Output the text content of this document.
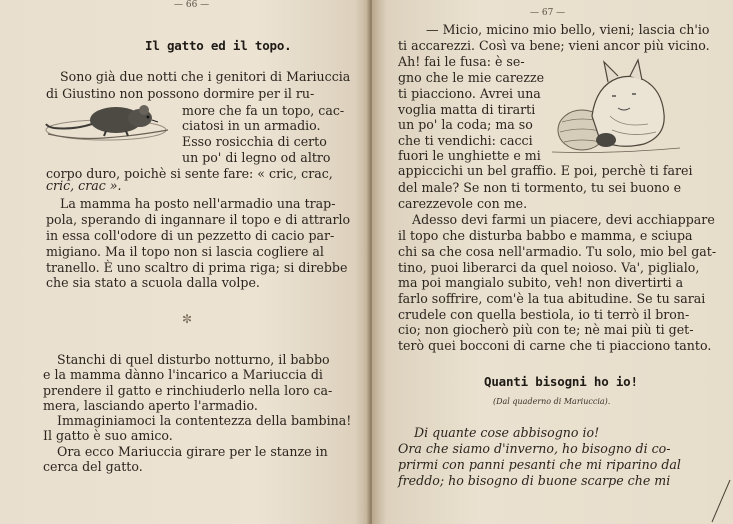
— 66 —
Il gatto ed il topo.
Sono già due notti che i genitori di Mariuccia
di Giustino non possono dormire per il ru-
more che fa un topo, cac-
ciatosi in un armadio.
Esso rosicchia di certo
un po' di legno od altro
corpo duro, poichè si sente fare: « cric, crac,
cric, crac ».
La mamma ha posto nell'armadio una trap-
pola, sperando di ingannare il topo e di attrarlo
in essa coll'odore di un pezzetto di cacio par-
migiano. Ma il topo non si lascia cogliere al
tranello. È uno scaltro di prima riga; si direbbe
che sia stato a scuola dalla volpe.
✼
Stanchi di quel disturbo notturno, il babbo
e la mamma dànno l'incarico a Mariuccia di
prendere il gatto e rinchiuderlo nella loro ca-
mera, lasciando aperto l'armadio.
Immaginiamoci la contentezza della bambina!
Il gatto è suo amico.
Ora ecco Mariuccia girare per le stanze in
cerca del gatto.
— 67 —
— Micio, micino mio bello, vieni; lascia ch'io
ti accarezzi. Così va bene; vieni ancor più vicino.
Ah! fai le fusa: è se-
gno che le mie carezze
ti piacciono. Avrei una
voglia matta di tirarti
un po' la coda; ma so
che ti vendichi: cacci
fuori le unghiette e mi
appiccichi un bel graffio. E poi, perchè ti farei
del male? Se non ti tormento, tu sei buono e
carezzevole con me.
Adesso devi farmi un piacere, devi acchiappare
il topo che disturba babbo e mamma, e sciupa
chi sa che cosa nell'armadio. Tu solo, mio bel gat-
tino, puoi liberarci da quel noioso. Va', piglialo,
ma poi mangialo subito, veh! non divertirti a
farlo soffrire, com'è la tua abitudine. Se tu sarai
crudele con quella bestiola, io ti terrò il bron-
cio; non giocherò più con te; nè mai più ti get-
terò quei bocconi di carne che ti piacciono tanto.
Quanti bisogni ho io!
(Dal quaderno di Mariuccia).
Di quante cose abbisogno io!
Ora che siamo d'inverno, ho bisogno di co-
prirmi con panni pesanti che mi riparino dal
freddo; ho bisogno di buone scarpe che mi
